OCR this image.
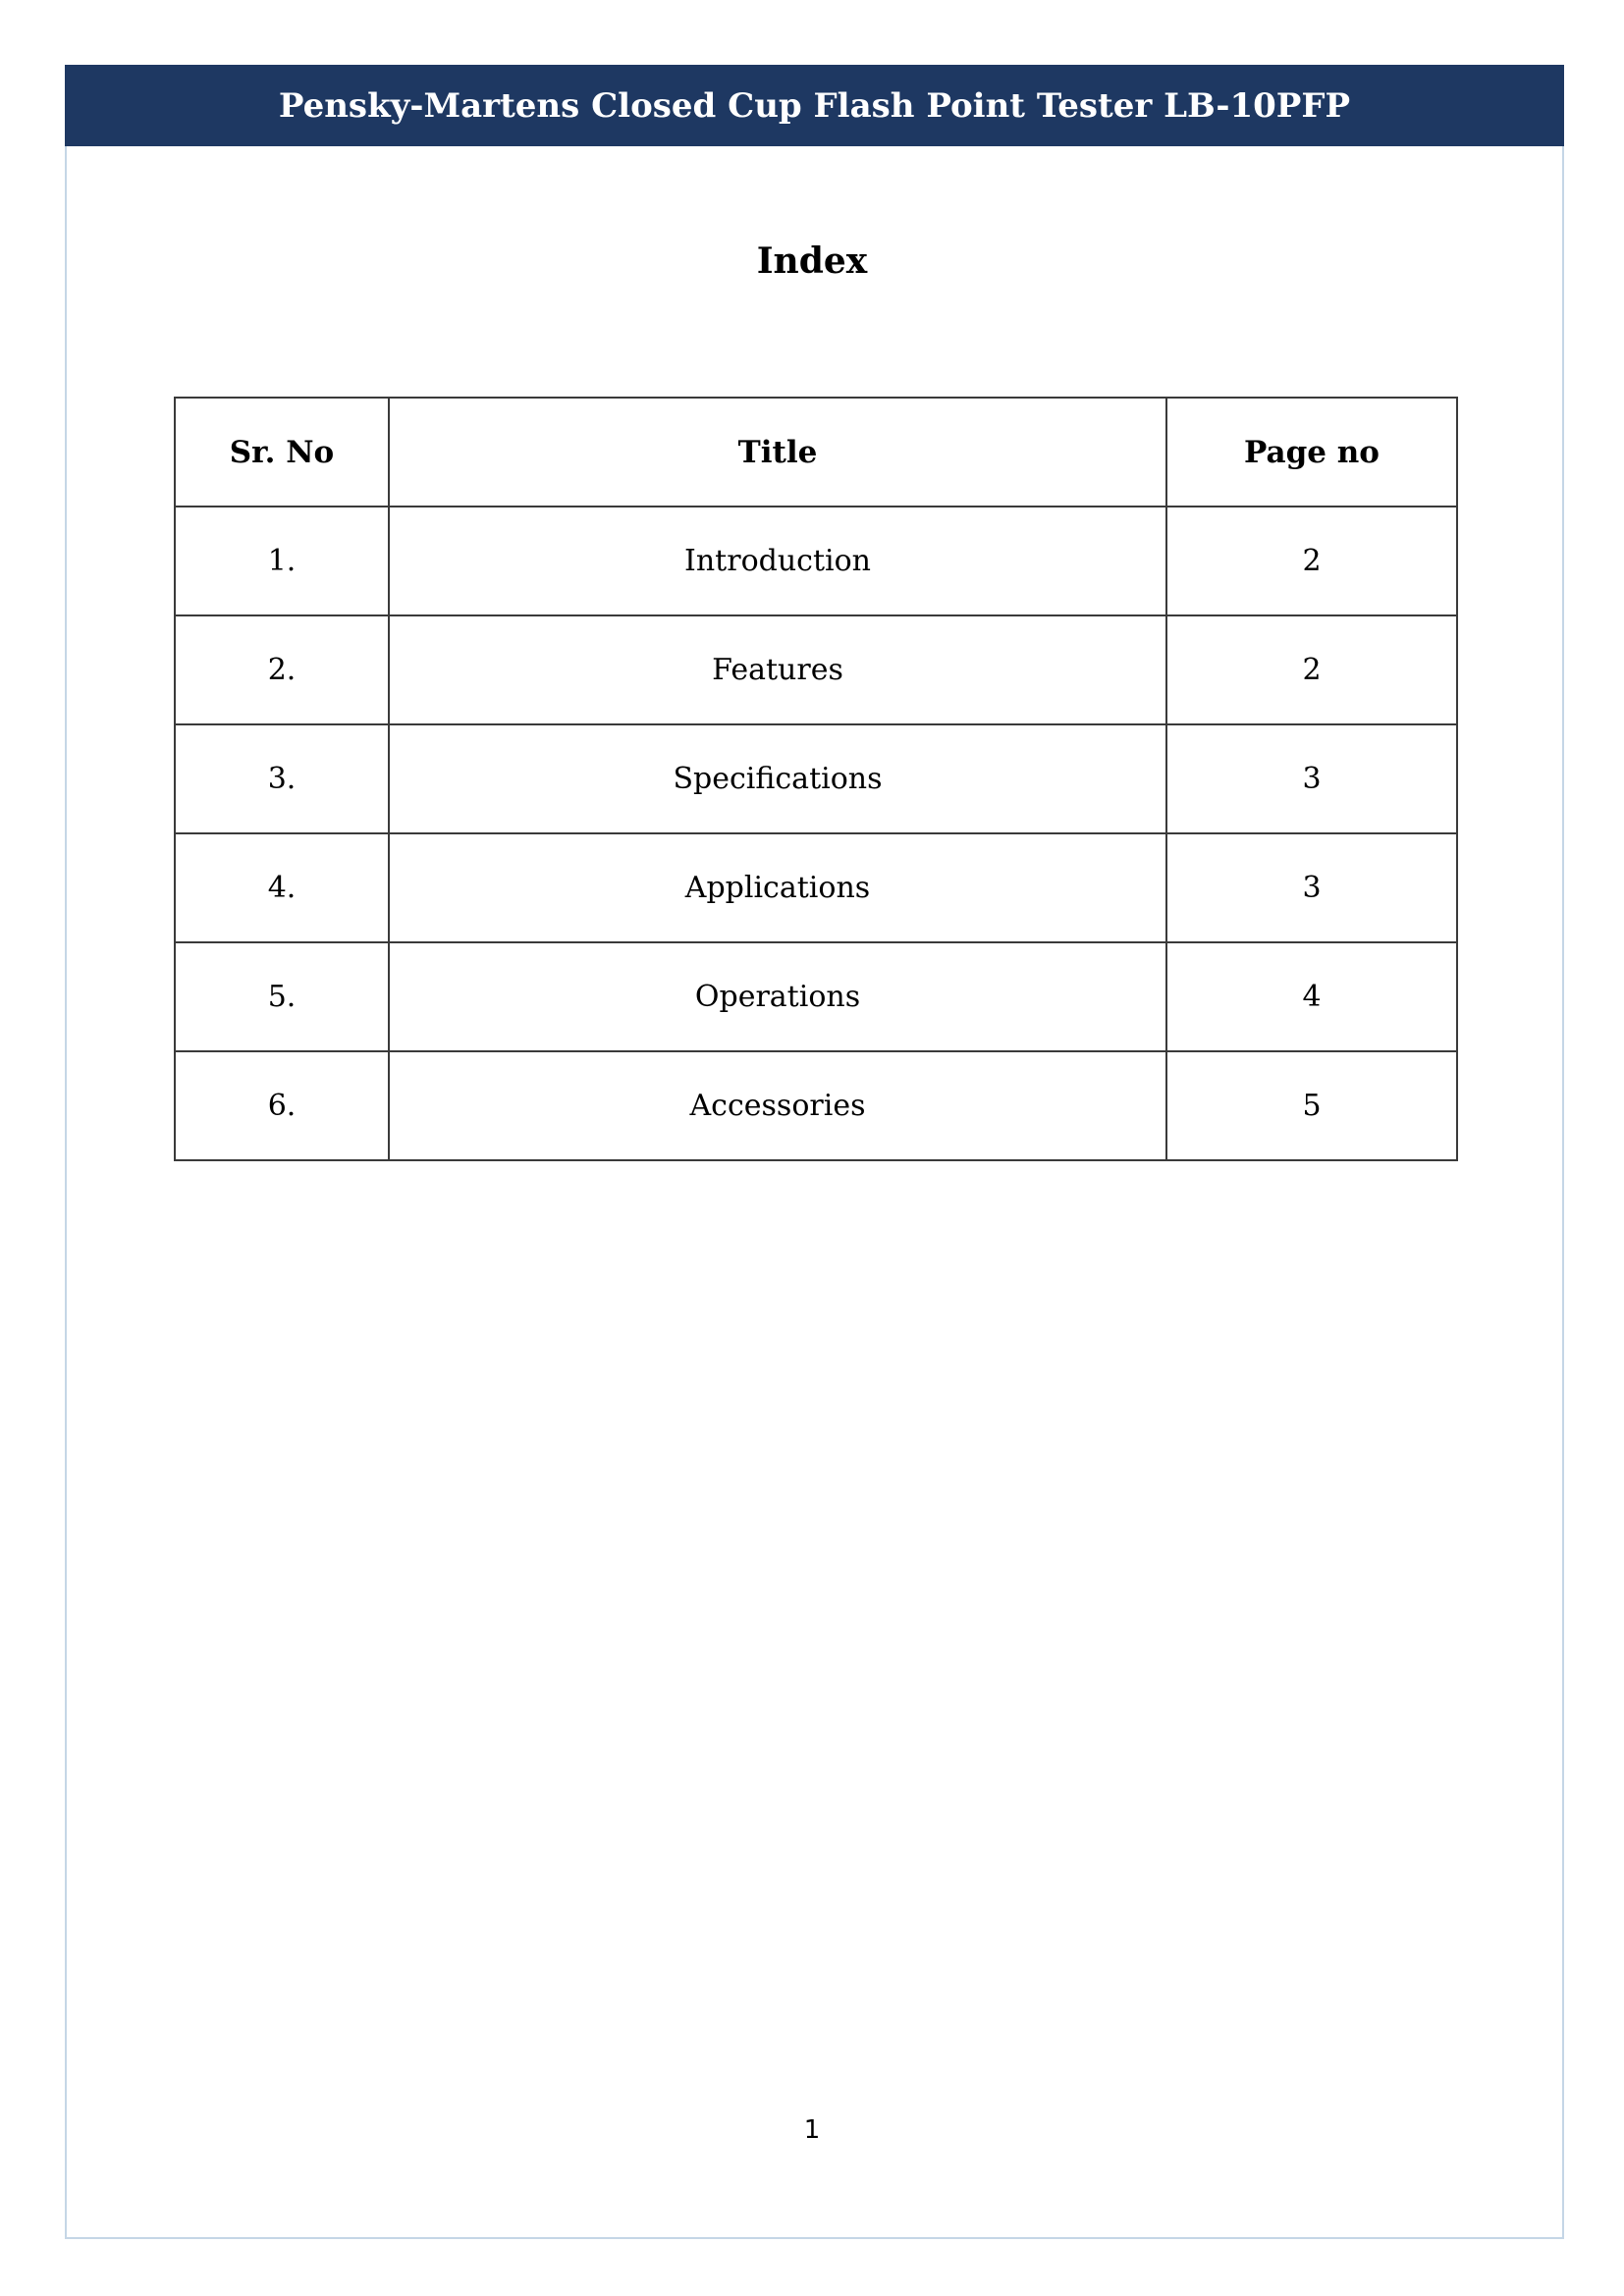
Pensky-Martens Closed Cup Flash Point Tester LB-10PFP
Index
Sr. No	Title	Page no
1.	Introduction	2
2.	Features	2
3.	Specifications	3
4.	Applications	3
5.	Operations	4
6.	Accessories	5
1
